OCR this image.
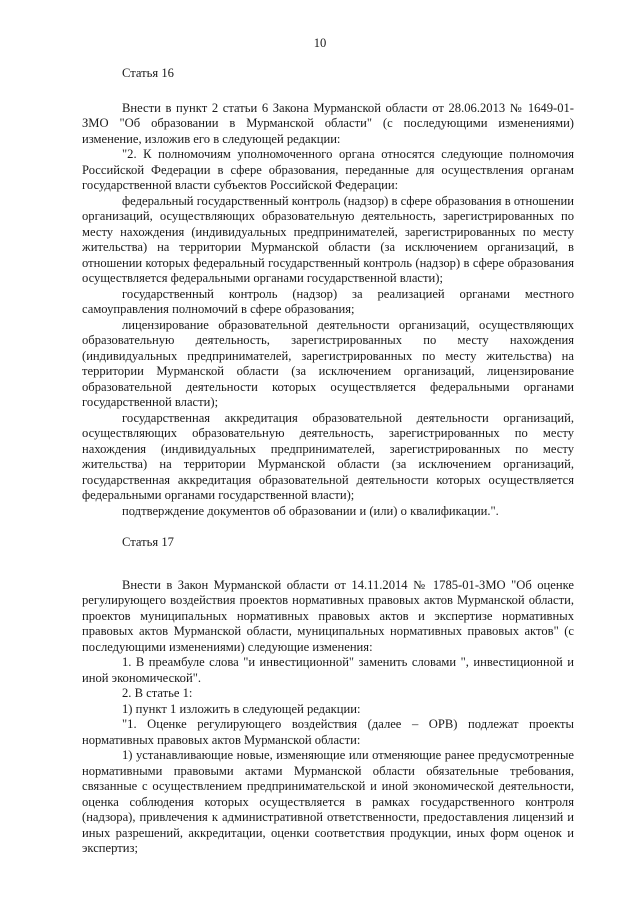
10

Статья 16

Внести в пункт 2 статьи 6 Закона Мурманской области от 28.06.2013 № 1649-01-ЗМО "Об образовании в Мурманской области" (с последующими изменениями) изменение, изложив его в следующей редакции:

"2. К полномочиям уполномоченного органа относятся следующие полномочия Российской Федерации в сфере образования, переданные для осуществления органам государственной власти субъектов Российской Федерации:

федеральный государственный контроль (надзор) в сфере образования в отношении организаций, осуществляющих образовательную деятельность, зарегистрированных по месту нахождения (индивидуальных предпринимателей, зарегистрированных по месту жительства) на территории Мурманской области (за исключением организаций, в отношении которых федеральный государственный контроль (надзор) в сфере образования осуществляется федеральными органами государственной власти);

государственный контроль (надзор) за реализацией органами местного самоуправления полномочий в сфере образования;

лицензирование образовательной деятельности организаций, осуществляющих образовательную деятельность, зарегистрированных по месту нахождения (индивидуальных предпринимателей, зарегистрированных по месту жительства) на территории Мурманской области (за исключением организаций, лицензирование образовательной деятельности которых осуществляется федеральными органами государственной власти);

государственная аккредитация образовательной деятельности организаций, осуществляющих образовательную деятельность, зарегистрированных по месту нахождения (индивидуальных предпринимателей, зарегистрированных по месту жительства) на территории Мурманской области (за исключением организаций, государственная аккредитация образовательной деятельности которых осуществляется федеральными органами государственной власти);

подтверждение документов об образовании и (или) о квалификации.".

Статья 17

Внести в Закон Мурманской области от 14.11.2014 № 1785-01-ЗМО "Об оценке регулирующего воздействия проектов нормативных правовых актов Мурманской области, проектов муниципальных нормативных правовых актов и экспертизе нормативных правовых актов Мурманской области, муниципальных нормативных правовых актов" (с последующими изменениями) следующие изменения:

1. В преамбуле слова "и инвестиционной" заменить словами ", инвестиционной и иной экономической".

2. В статье 1:

1) пункт 1 изложить в следующей редакции:

"1. Оценке регулирующего воздействия (далее – ОРВ) подлежат проекты нормативных правовых актов Мурманской области:

1) устанавливающие новые, изменяющие или отменяющие ранее предусмотренные нормативными правовыми актами Мурманской области обязательные требования, связанные с осуществлением предпринимательской и иной экономической деятельности, оценка соблюдения которых осуществляется в рамках государственного контроля (надзора), привлечения к административной ответственности, предоставления лицензий и иных разрешений, аккредитации, оценки соответствия продукции, иных форм оценок и экспертиз;
